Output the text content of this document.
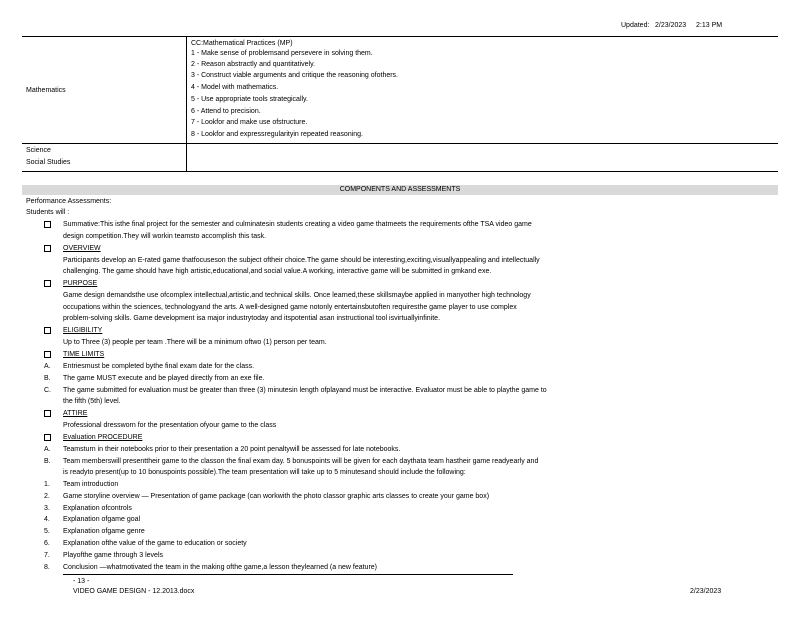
Updated: 2/23/2023 2:13 PM
Mathematics
CC:Mathematical Practices (MP)
1 - Make sense of problemsand persevere in solving them.
2 - Reason abstractly and quantitatively.
3 - Construct viable arguments and critique the reasoning ofothers.
4 - Model with mathematics.
5 - Use appropriate tools strategically.
6 - Attend to precision.
7 - Lookfor and make use ofstructure.
8 - Lookfor and expressregularityin repeated reasoning.
Science
Social Studies
COMPONENTS AND ASSESSMENTS
Performance Assessments:
Students will :
Summative:This isthe final project for the semester and culminatesin students creating a video game thatmeets the requirements ofthe TSA video game
design competition.They will workin teamsto accomplish this task.
OVERVIEW
Participants develop an E-rated game thatfocuseson the subject oftheir choice.The game should be interesting,exciting,visuallyappealing and intellectually
challenging. The game should have high artistic,educational,and social value.A working, interactive game will be submitted in gmkand exe.
PURPOSE
Game design demandsthe use ofcomplex intellectual,artistic,and technical skills. Once learned,these skillsmaybe applied in manyother high technology
occupations within the sciences, technologyand the arts. A well-designed game notonly entertainsbutoften requiresthe game player to use complex
problem-solving skills. Game development isa major industrytoday and itspotential asan instructional tool isvirtuallyinfinite.
ELIGIBILITY
Up to Three (3) people per team .There will be a minimum oftwo (1) person per team.
TIME LIMITS
A. Entriesmust be completed bythe final exam date for the class.
B. The game MUST execute and be played directly from an exe file.
C. The game submitted for evaluation must be greater than three (3) minutesin length ofplayand must be interactive. Evaluator must be able to playthe game to
the fifth (5th) level.
ATTIRE
Professional dressworn for the presentation ofyour game to the class
Evaluation PROCEDURE
A. Teamsturn in their notebooks prior to their presentation a 20 point penaltywill be assessed for late notebooks.
B. Team memberswill presenttheir game to the classon the final exam day. 5 bonuspoints will be given for each daythata team hastheir game readyearly and
is readyto present(up to 10 bonuspoints possible).The team presentation will take up to 5 minutesand should include the following:
1. Team introduction
2. Game storyline overview — Presentation of game package (can workwith the photo classor graphic arts classes to create your game box)
3. Explanation ofcontrols
4. Explanation ofgame goal
5. Explanation ofgame genre
6. Explanation ofthe value of the game to education or society
7. Playofthe game through 3 levels
8. Conclusion —whatmotivated the team in the making ofthe game,a lesson theylearned (a new feature)
- 13 -
VIDEO GAME DESIGN - 12.2013.docx	2/23/2023
